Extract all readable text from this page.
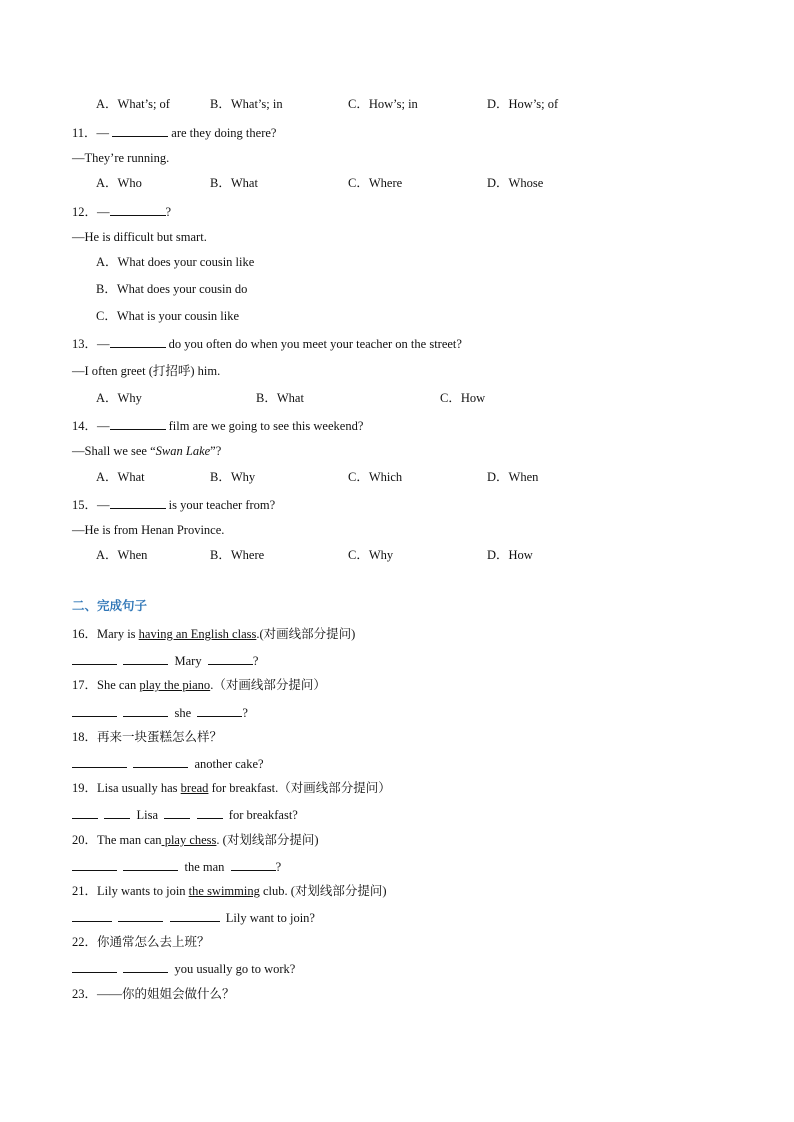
A．What’s; of	B．What’s; in	C．How’s; in	D．How’s; of
11．—	are they doing there?
—They’re running.
A．Who	B．What	C．Where	D．Whose
12．—	?
—He is difficult but smart.
A．What does your cousin like
B．What does your cousin do
C．What is your cousin like
13．—	do you often do when you meet your teacher on the street?
—I often greet (打招呼) him.
A．Why	B．What	C．How
14．—	film are we going to see this weekend?
—Shall we see “Swan Lake”?
A．What	B．Why	C．Which	D．When
15．—	is your teacher from?
—He is from Henan Province.
A．When	B．Where	C．Why	D．How
二、完成句子
16．Mary is having an English class.(对画线部分提问)
Mary	?
17．She can play the piano.（对画线部分提问）
she	?
18．再来一块蛋糕怎么样？
another cake?
19．Lisa usually has bread for breakfast.（对画线部分提问）
Lisa	for breakfast?
20．The man can play chess. (对划线部分提问)
the man	?
21．Lily wants to join the swimming club. (对划线部分提问)
Lily want to join?
22．你通常怎么去上班？
you usually go to work?
23．——你的姐姐会做什么？
